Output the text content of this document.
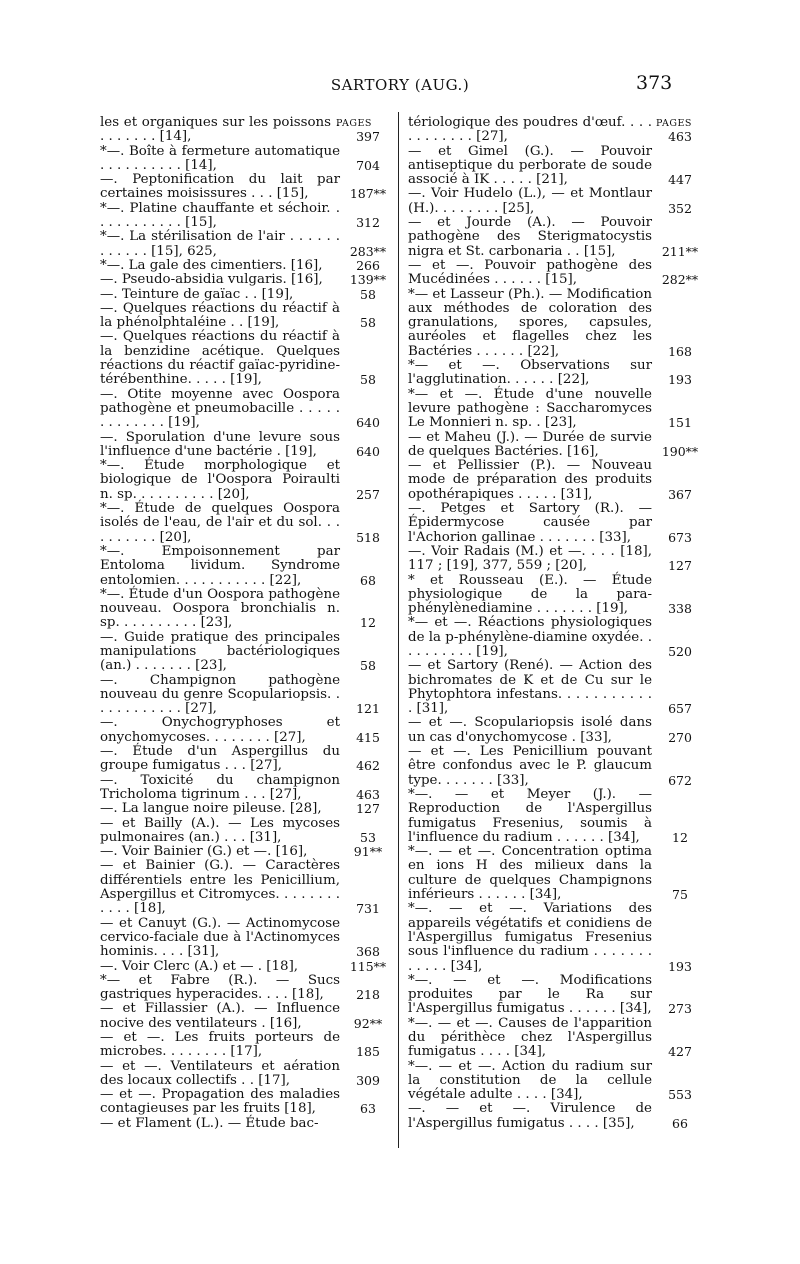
SARTORY (AUG.)	373
PAGES	PAGES
les et organiques sur les poissons . . . . . . . . [14],	397
*—. Boîte à fermeture automatique . . . . . . . . . . [14],	704
—. Peptonification du lait par certaines moisissures . . . [15],	187**
*—. Platine chauffante et séchoir. . . . . . . . . . . . [15],	312
*—. La stérilisation de l'air . . . . . . . . . . . . [15], 625,	283**
*—. La gale des cimentiers. [16],	266
—. Pseudo-absidia vulgaris. [16],	139**
—. Teinture de gaïac . . [19],	58
—. Quelques réactions du réactif à la phénolphtaléine . . [19],	58
—. Quelques réactions du réactif à la benzidine acétique. Quelques réactions du réactif gaïac-pyridine-térébenthine. . . . . [19],	58
—. Otite moyenne avec Oospora pathogène et pneumobacille . . . . . . . . . . . . . [19],	640
—. Sporulation d'une levure sous l'influence d'une bactérie . [19],	640
*—. Étude morphologique et biologique de l'Oospora Poiraulti n. sp. . . . . . . . . . [20],	257
*—. Étude de quelques Oospora isolés de l'eau, de l'air et du sol. . . . . . . . . . [20],	518
*—. Empoisonnement par Entoloma lividum. Syndrome entolomien. . . . . . . . . . . [22],	68
*—. Étude d'un Oospora pathogène nouveau. Oospora bronchialis n. sp. . . . . . . . . . [23],	12
—. Guide pratique des principales manipulations bactériologiques (an.) . . . . . . . [23],	58
—. Champignon pathogène nouveau du genre Scopulariopsis. . . . . . . . . . . . [27],	121
—. Onychogryphoses et onychomycoses. . . . . . . . [27],	415
—. Étude d'un Aspergillus du groupe fumigatus . . . [27],	462
—. Toxicité du champignon Tricholoma tigrinum . . . [27],	463
—. La langue noire pileuse. [28],	127
— et Bailly (A.). — Les mycoses pulmonaires (an.) . . . [31],	53
—. Voir Bainier (G.) et —. [16],	91**
— et Bainier (G.). — Caractères différentiels entre les Penicillium, Aspergillus et Citromyces. . . . . . . . . . . . [18],	731
— et Canuyt (G.). — Actinomycose cervico-faciale due à l'Actinomyces hominis. . . . [31],	368
—. Voir Clerc (A.) et — . [18],	115**
*— et Fabre (R.). — Sucs gastriques hyperacides. . . . [18],	218
— et Fillassier (A.). — Influence nocive des ventilateurs . [16],	92**
— et —. Les fruits porteurs de microbes. . . . . . . . [17],	185
— et —. Ventilateurs et aération des locaux collectifs . . [17],	309
— et —. Propagation des maladies contagieuses par les fruits [18],	63
— et Flament (L.). — Étude bac-
tériologique des poudres d'œuf. . . . . . . . . . . . [27],	463
— et Gimel (G.). — Pouvoir antiseptique du perborate de soude associé à IK . . . . . [21],	447
—. Voir Hudelo (L.), — et Montlaur (H.). . . . . . . . [25],	352
— et Jourde (A.). — Pouvoir pathogène des Sterigmatocystis nigra et St. carbonaria . . [15],	211**
— et —. Pouvoir pathogène des Mucédinées . . . . . . [15],	282**
*— et Lasseur (Ph.). — Modification aux méthodes de coloration des granulations, spores, capsules, auréoles et flagelles chez les Bactéries . . . . . . [22],	168
*— et —. Observations sur l'agglutination. . . . . . [22],	193
*— et —. Étude d'une nouvelle levure pathogène : Saccharomyces Le Monnieri n. sp. . [23],	151
— et Maheu (J.). — Durée de survie de quelques Bactéries. [16],	190**
— et Pellissier (P.). — Nouveau mode de préparation des produits opothérapiques . . . . . [31],	367
—. Petges et Sartory (R.). — Épidermycose causée par l'Achorion gallinae . . . . . . . [33],	673
—. Voir Radais (M.) et —. . . . [18], 117 ; [19], 377, 559 ; [20],	127
* et Rousseau (E.). — Étude physiologique de la para-phénylènediamine . . . . . . . [19],	338
*— et —. Réactions physiologiques de la p-phénylène-diamine oxydée. . . . . . . . . . [19],	520
— et Sartory (René). — Action des bichromates de K et de Cu sur le Phytophtora infestans. . . . . . . . . . . . [31],	657
— et —. Scopulariopsis isolé dans un cas d'onychomycose . [33],	270
— et —. Les Penicillium pouvant être confondus avec le P. glaucum type. . . . . . . [33],	672
*—. — et Meyer (J.). — Reproduction de l'Aspergillus fumigatus Fresenius, soumis à l'influence du radium . . . . . . [34],	12
*—. — et —. Concentration optima en ions H des milieux dans la culture de quelques Champignons inférieurs . . . . . . [34],	75
*—. — et —. Variations des appareils végétatifs et conidiens de l'Aspergillus fumigatus Fresenius sous l'influence du radium . . . . . . . . . . . . [34],	193
*—. — et —. Modifications produites par le Ra sur l'Aspergillus fumigatus . . . . . . [34],	273
*—. — et —. Causes de l'apparition du périthèce chez l'Aspergillus fumigatus . . . . [34],	427
*—. — et —. Action du radium sur la constitution de la cellule végétale adulte . . . . [34],	553
—. — et —. Virulence de l'Aspergillus fumigatus . . . . [35],	66
